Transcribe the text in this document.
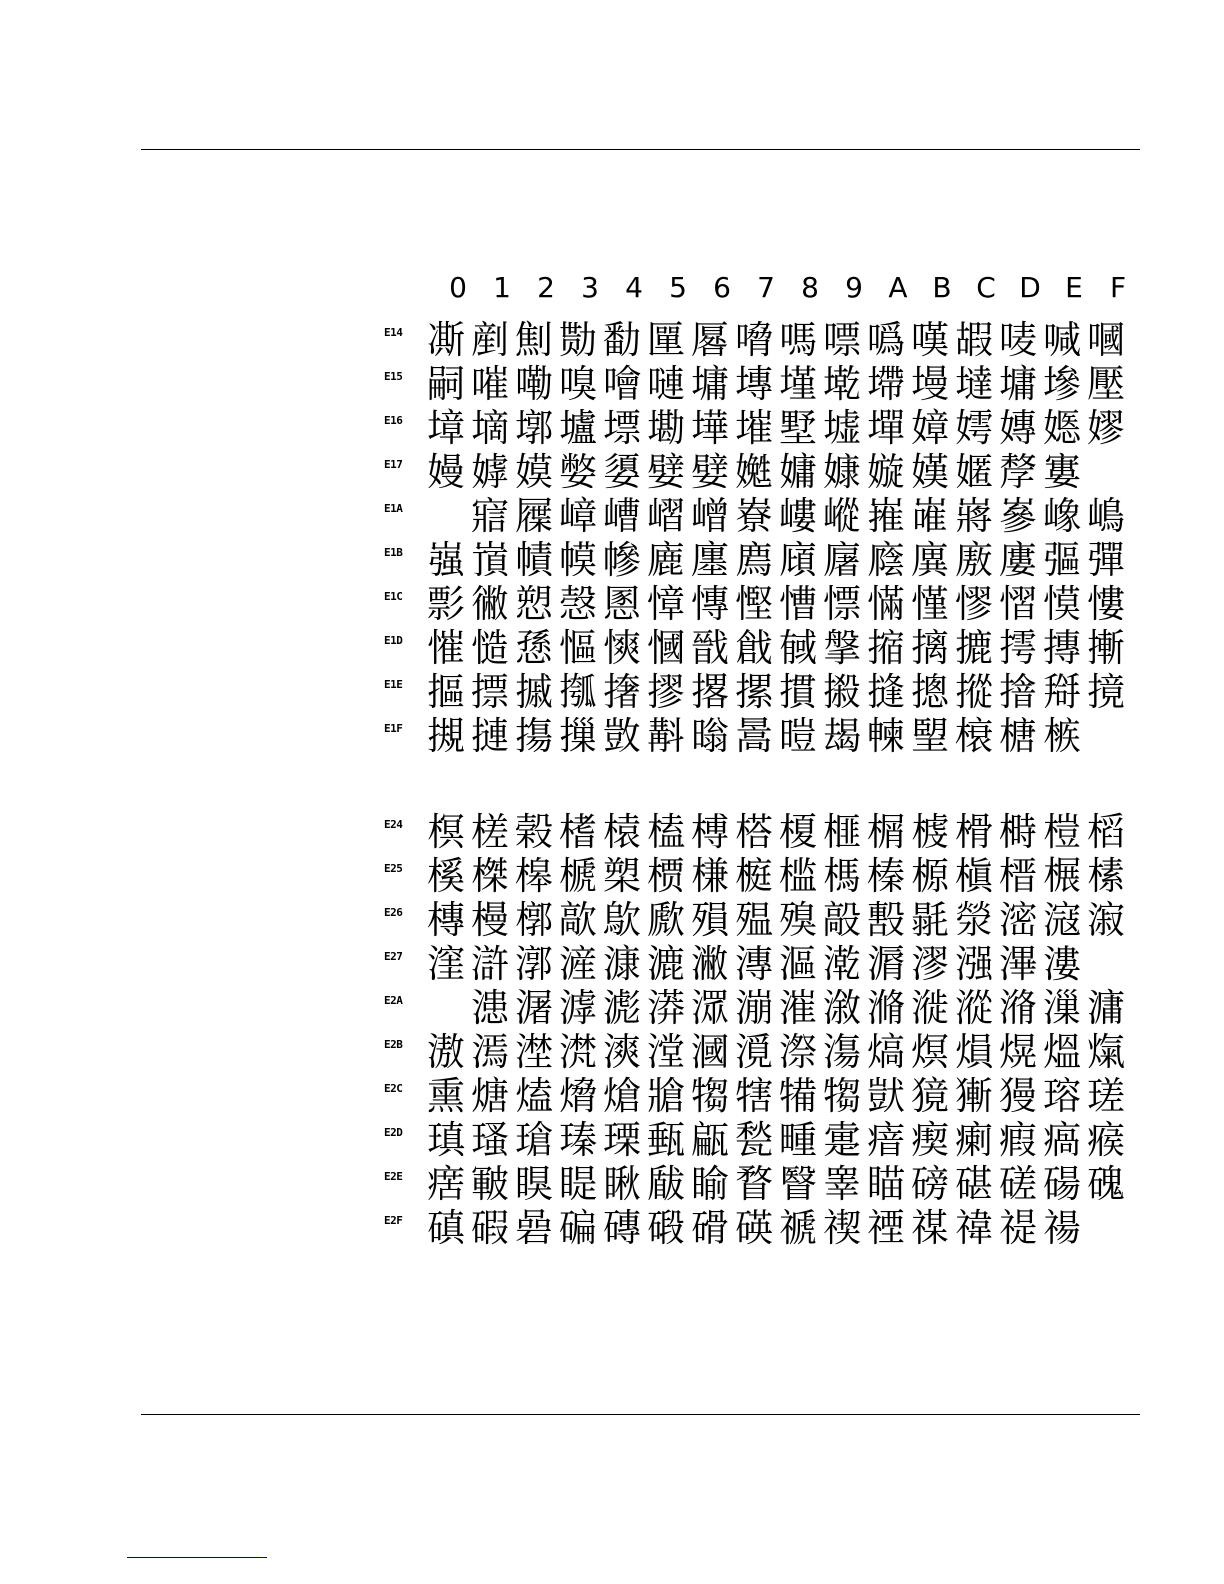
0 1 2 3 4 5 6 7 8 9 A B C D E F
E14 凘 剷 劁 勚 勫 匰 厬 嗋 嗎 嘌 噅 嘆 嘏 唛 喊 嘓
E15 嗣 嗺 嘞 嗅 噲 嗹 墉 塼 墐 墘 墆 墁 墶 墉 墋 壓
E16 墇 墑 墎 壚 墂 墈 墷 墔 墅 墟 墠 嫜 嫮 嫥 嫕 嫪
E17 嫚 嫭 嫫 嫳 嬃 嬖 嬖 嬔 嫞 嫝 嫙 嫨 嫟 孷 寠
E1A	寣 屧 嶂 嶆 嶍 嶒 嶚 嶁 嵷 嶊 嶉 嶈 嵾 嶑 嶋
E1B 嵹 嵿 幘 幙 幓 廘 廛 廌 廎 廜 廕 廙 廒 廔 彄 彈
E1C 彯 徶 愬 愨 慁 慞 慱 慳 慒 慓 慲 慬 憀 慴 慔 慺
E1D 慛 慥 愻 慪 慡 慖 戩 戧 戫 搫 摍 摛 摝 摴 摶 摲
E1E 摳 摽 摵 摦 撦 摎 撂 摞 摜 摋 摓 摠 摐 摿 搿 摬
E1F 摫 摙 摥 摷 敳 斠 暡 暠 暟 朅 朄 朢 榱 榶 槉
E24 榠 槎 榖 榰 榬 榼 榑 榙 榎 榧 榍 榩 榾 榯 榿 槄
E25 榽 榤 槔 榹 槊 槚 槏 榳 槛 榪 榛 榞 槇 榗 榐 榡
E26 槫 槾 槨 歊 歍 歋 殞 殟 殠 毃 毄 毾 滎 滵 滱 漃
E27 漥 滸 漷 滻 漮 漉 潎 漙 漚 漧 漘 漻 漒 滭 漊
E2A	漶 潳 滹 滮 漭 潀 漰 漼 漵 滫 漇 漎 潃 漅 滽
E2B 滶 漹 漜 滼 漺 漟 漍 漞 漈 漡 熇 熐 熉 熀 熅 熂
E2C 熏 煻 熆 熁 熗 牄 犓 犗 犕 犓 獃 獍 獑 獌 瑢 瑳
E2D 瑱 瑵 瑲 瑧 瑮 甀 甂 甃 畽 疐 瘖 瘈 瘌 瘕 瘑 瘊
E2E 瘔 皸 瞁 睼 瞅 瞂 睮 瞀 瞖 睾 瞄 磅 碪 磋 碭 磈
E2F 磌 碬 碞 碥 磚 碫 磆 碤 禠 禊 禋 禖 禕 禔 禓
